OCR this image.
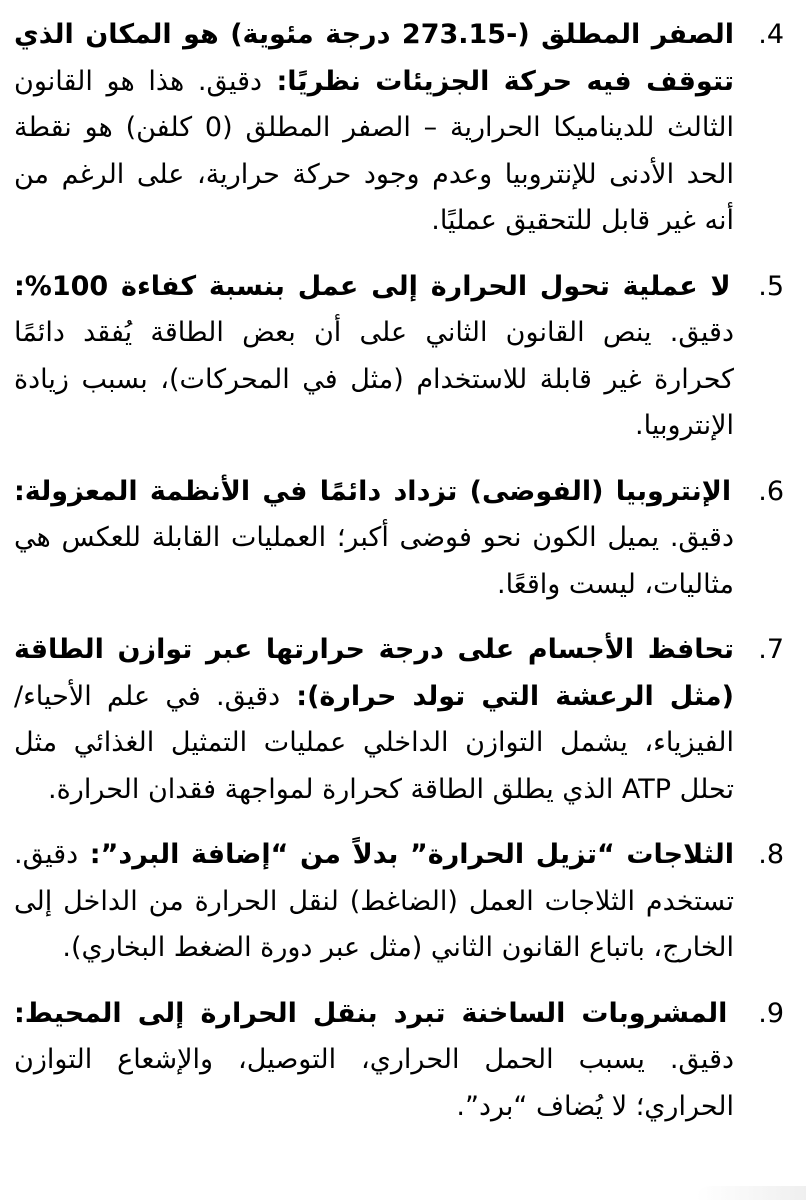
.4
الصفر المطلق (-273.15 درجة مئوية) هو المكان الذي تتوقف فيه حركة الجزيئات نظريًا: دقيق. هذا هو القانون الثالث للديناميكا الحرارية – الصفر المطلق (0 كلفن) هو نقطة الحد الأدنى للإنتروبيا وعدم وجود حركة حرارية، على الرغم من أنه غير قابل للتحقيق عمليًا.
.5
لا عملية تحول الحرارة إلى عمل بنسبة كفاءة 100%: دقيق. ينص القانون الثاني على أن بعض الطاقة يُفقد دائمًا كحرارة غير قابلة للاستخدام (مثل في المحركات)، بسبب زيادة الإنتروبيا.
.6
الإنتروبيا (الفوضى) تزداد دائمًا في الأنظمة المعزولة: دقيق. يميل الكون نحو فوضى أكبر؛ العمليات القابلة للعكس هي مثاليات، ليست واقعًا.
.7
تحافظ الأجسام على درجة حرارتها عبر توازن الطاقة (مثل الرعشة التي تولد حرارة): دقيق. في علم الأحياء/الفيزياء، يشمل التوازن الداخلي عمليات التمثيل الغذائي مثل تحلل ATP الذي يطلق الطاقة كحرارة لمواجهة فقدان الحرارة.
.8
الثلاجات “تزيل الحرارة” بدلاً من “إضافة البرد”: دقيق. تستخدم الثلاجات العمل (الضاغط) لنقل الحرارة من الداخل إلى الخارج، باتباع القانون الثاني (مثل عبر دورة الضغط البخاري).
.9
المشروبات الساخنة تبرد بنقل الحرارة إلى المحيط: دقيق. يسبب الحمل الحراري، التوصيل، والإشعاع التوازن الحراري؛ لا يُضاف “برد”.
